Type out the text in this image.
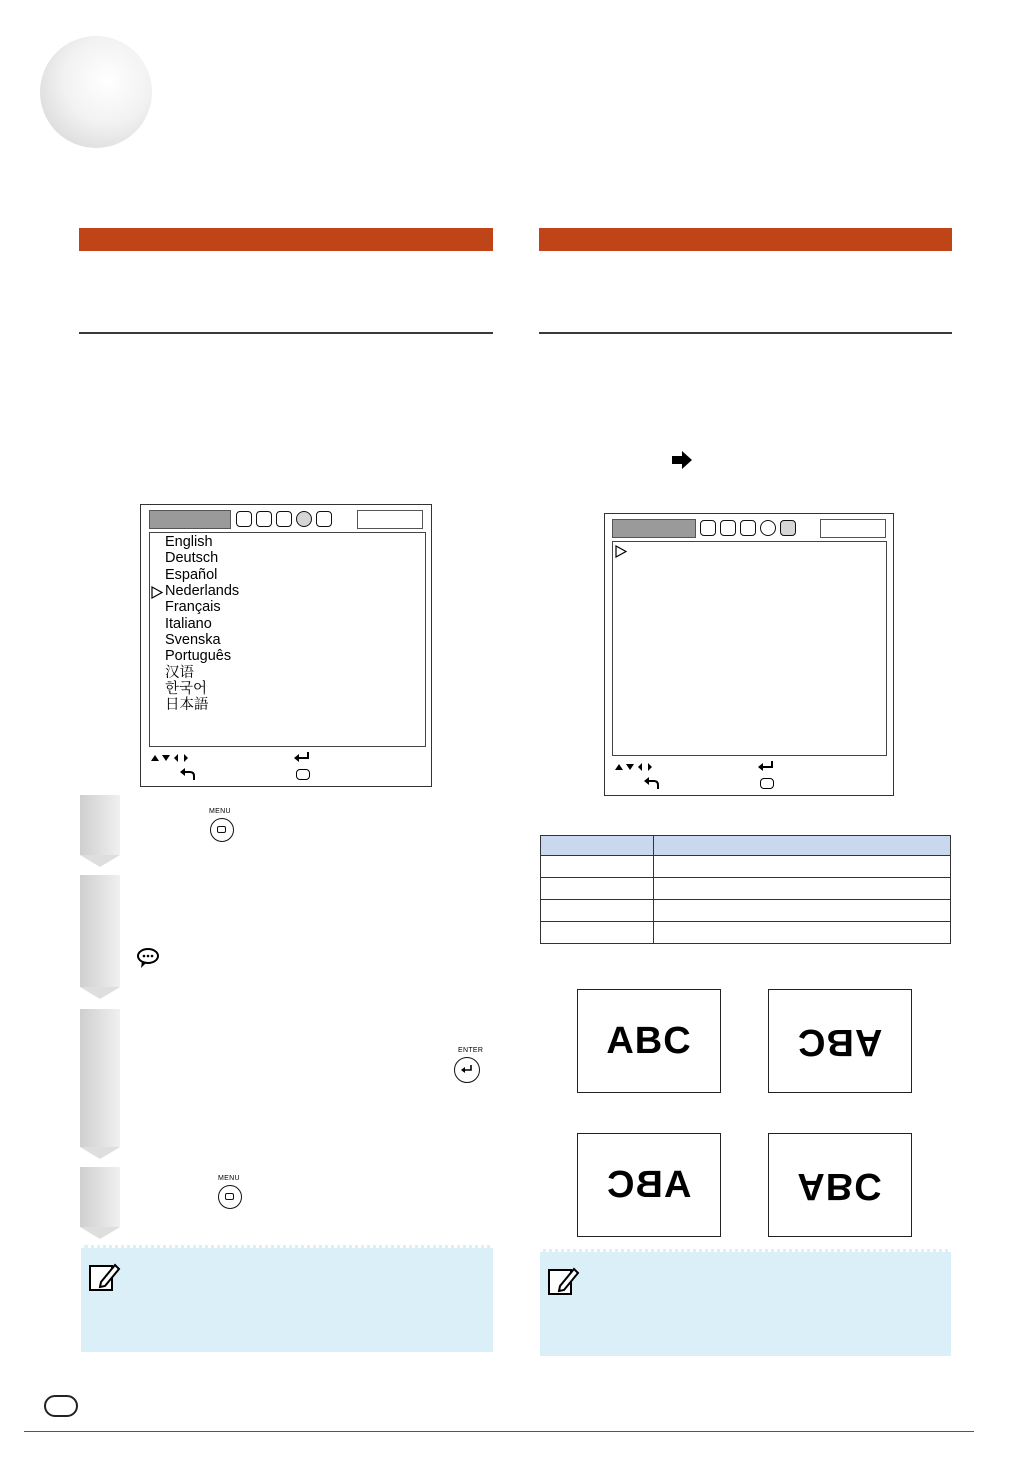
English
Deutsch
Español
Nederlands
Français
Italiano
Svenska
Português
汉语
한국어
日本語
MENU
ENTER
MENU

ABC	ABC
ABC	ABC
